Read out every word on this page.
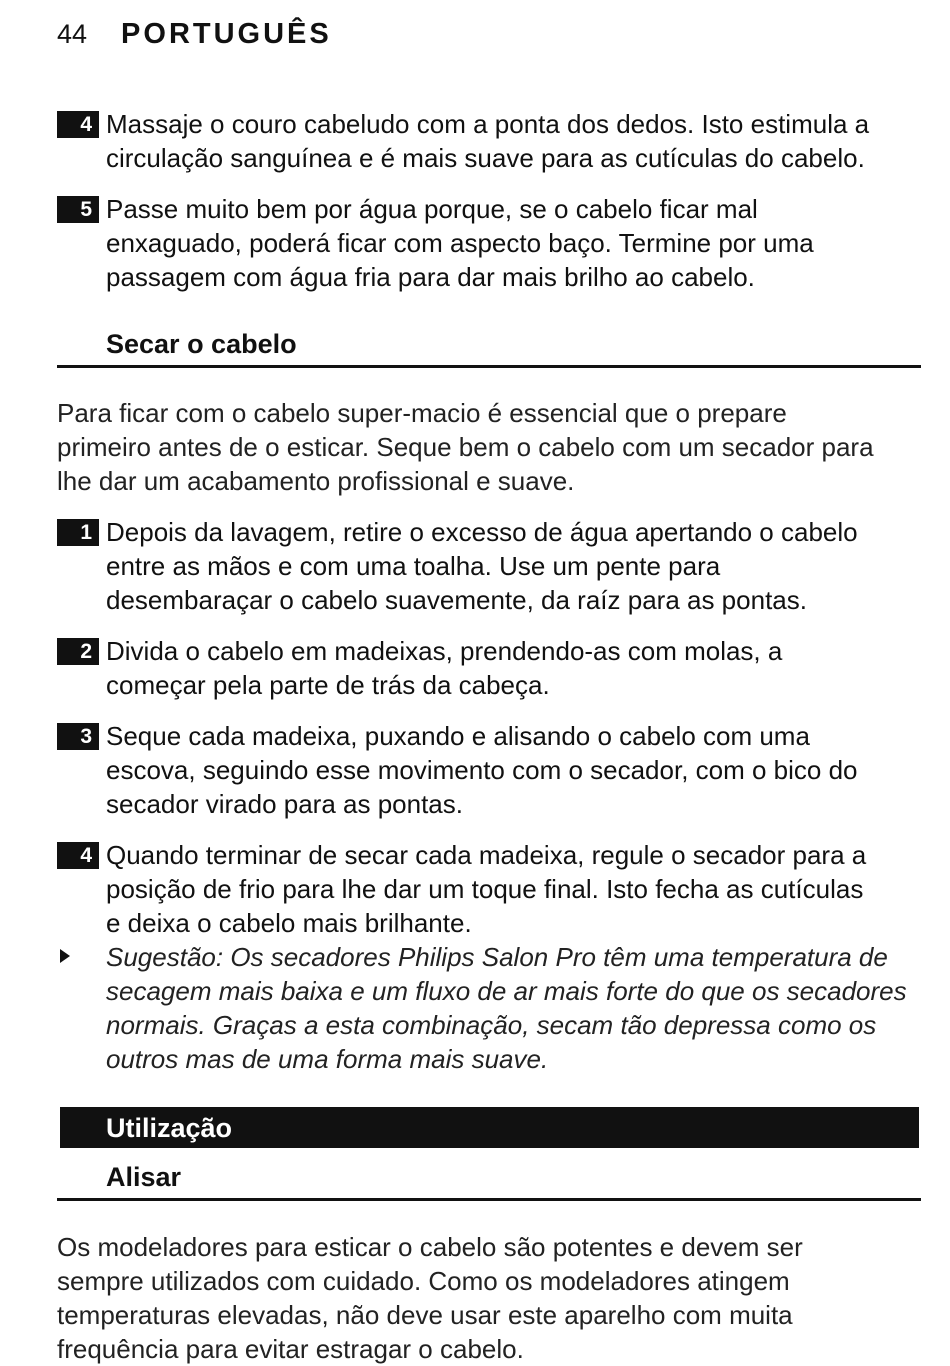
44 PORTUGUÊS
4 Massaje o couro cabeludo com a ponta dos dedos. Isto estimula a
circulação sanguínea e é mais suave para as cutículas do cabelo.
5 Passe muito bem por água porque, se o cabelo ficar mal
enxaguado, poderá ficar com aspecto baço. Termine por uma
passagem com água fria para dar mais brilho ao cabelo.
Secar o cabelo
Para ficar com o cabelo super-macio é essencial que o prepare
primeiro antes de o esticar. Seque bem o cabelo com um secador para
lhe dar um acabamento profissional e suave.
1 Depois da lavagem, retire o excesso de água apertando o cabelo
entre as mãos e com uma toalha. Use um pente para
desembaraçar o cabelo suavemente, da raíz para as pontas.
2 Divida o cabelo em madeixas, prendendo-as com molas, a
começar pela parte de trás da cabeça.
3 Seque cada madeixa, puxando e alisando o cabelo com uma
escova, seguindo esse movimento com o secador, com o bico do
secador virado para as pontas.
4 Quando terminar de secar cada madeixa, regule o secador para a
posição de frio para lhe dar um toque final. Isto fecha as cutículas
e deixa o cabelo mais brilhante.
Sugestão: Os secadores Philips Salon Pro têm uma temperatura de
secagem mais baixa e um fluxo de ar mais forte do que os secadores
normais. Graças a esta combinação, secam tão depressa como os
outros mas de uma forma mais suave.
Utilização
Alisar
Os modeladores para esticar o cabelo são potentes e devem ser
sempre utilizados com cuidado. Como os modeladores atingem
temperaturas elevadas, não deve usar este aparelho com muita
frequência para evitar estragar o cabelo.
